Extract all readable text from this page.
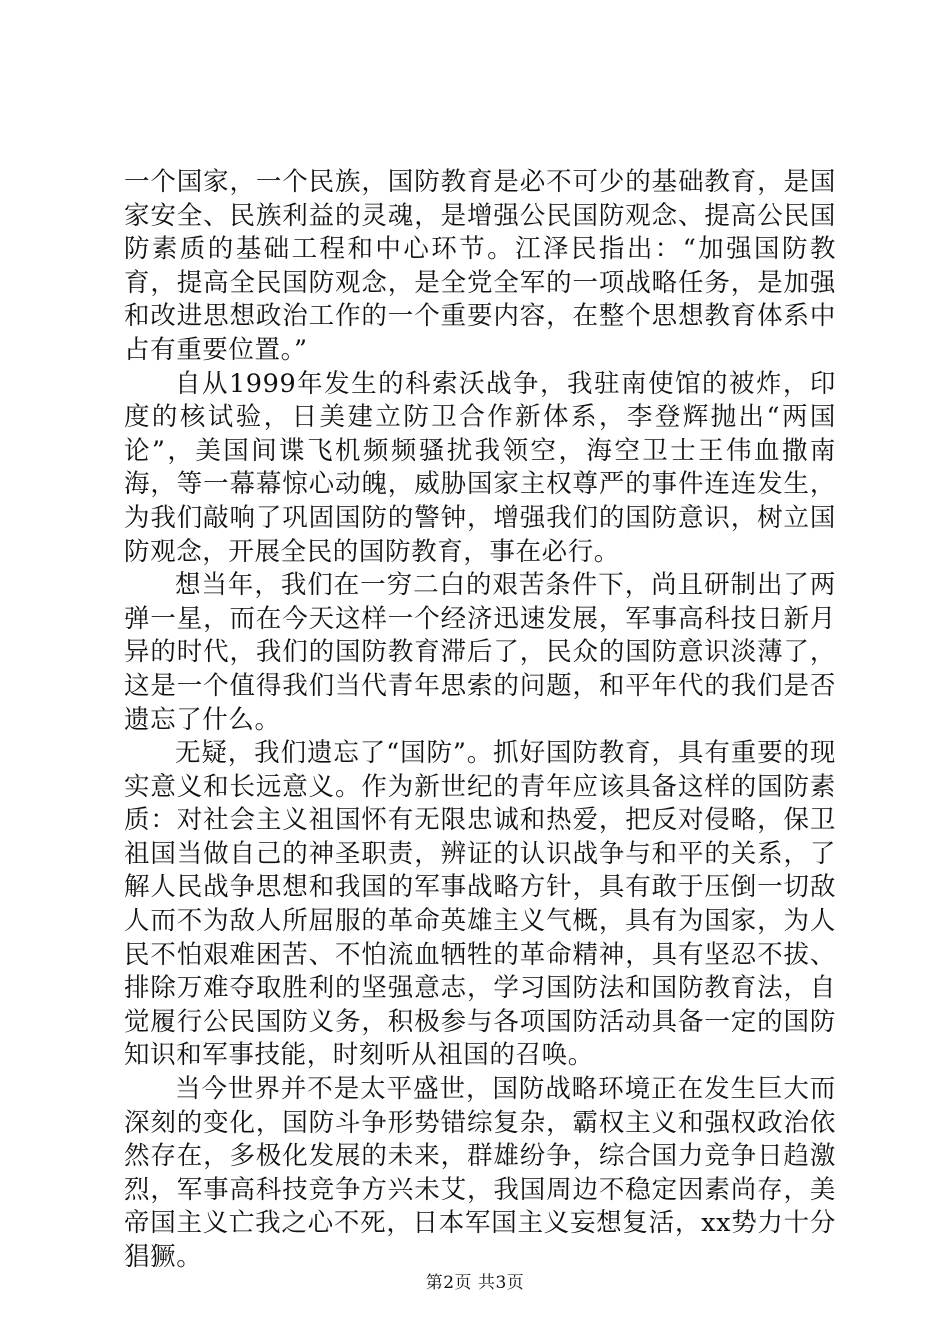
一个国家，一个民族，国防教育是必不可少的基础教育，是国家安全、民族利益的灵魂，是增强公民国防观念、提高公民国防素质的基础工程和中心环节。江泽民指出：“加强国防教育，提高全民国防观念，是全党全军的一项战略任务，是加强和改进思想政治工作的一个重要内容，在整个思想教育体系中占有重要位置。”

自从1999年发生的科索沃战争，我驻南使馆的被炸，印度的核试验，日美建立防卫合作新体系，李登辉抛出“两国论”，美国间谍飞机频频骚扰我领空，海空卫士王伟血撒南海，等一幕幕惊心动魄，威胁国家主权尊严的事件连连发生，为我们敲响了巩固国防的警钟，增强我们的国防意识，树立国防观念，开展全民的国防教育，事在必行。

想当年，我们在一穷二白的艰苦条件下，尚且研制出了两弹一星，而在今天这样一个经济迅速发展，军事高科技日新月异的时代，我们的国防教育滞后了，民众的国防意识淡薄了，这是一个值得我们当代青年思索的问题，和平年代的我们是否遗忘了什么。

无疑，我们遗忘了“国防”。抓好国防教育，具有重要的现实意义和长远意义。作为新世纪的青年应该具备这样的国防素质：对社会主义祖国怀有无限忠诚和热爱，把反对侵略，保卫祖国当做自己的神圣职责，辨证的认识战争与和平的关系，了解人民战争思想和我国的军事战略方针，具有敢于压倒一切敌人而不为敌人所屈服的革命英雄主义气概，具有为国家，为人民不怕艰难困苦、不怕流血牺牲的革命精神，具有坚忍不拔、排除万难夺取胜利的坚强意志，学习国防法和国防教育法，自觉履行公民国防义务，积极参与各项国防活动具备一定的国防知识和军事技能，时刻听从祖国的召唤。

当今世界并不是太平盛世，国防战略环境正在发生巨大而深刻的变化，国防斗争形势错综复杂，霸权主义和强权政治依然存在，多极化发展的未来，群雄纷争，综合国力竞争日趋激烈，军事高科技竞争方兴未艾，我国周边不稳定因素尚存，美帝国主义亡我之心不死，日本军国主义妄想复活，xx势力十分猖獗。

第2页 共3页
